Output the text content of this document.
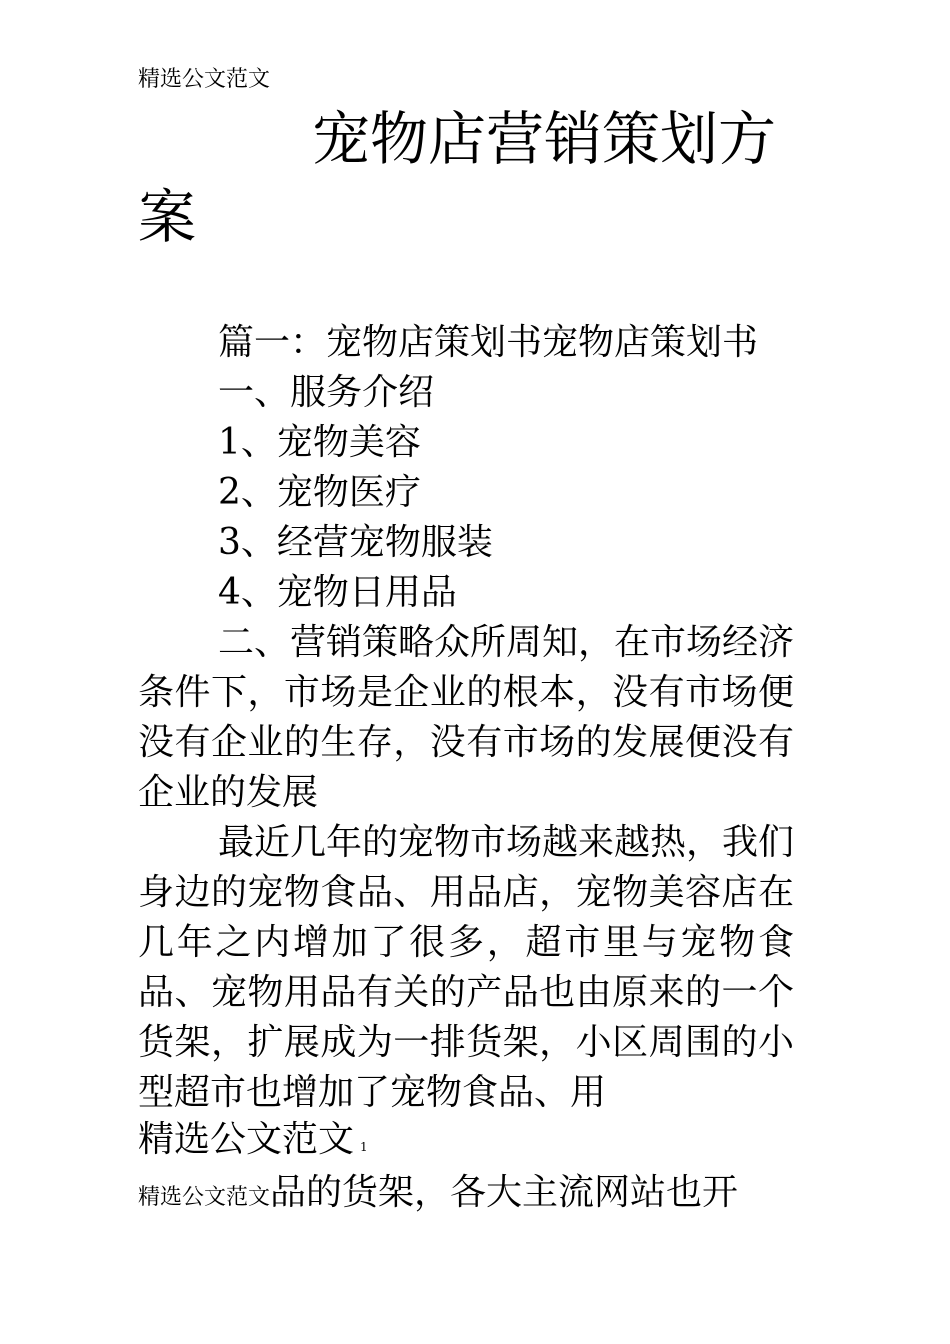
精选公文范文
宠物店营销策划方案

篇一：宠物店策划书宠物店策划书

一、服务介绍

1、宠物美容

2、宠物医疗

3、经营宠物服装

4、宠物日用品

二、营销策略众所周知，在市场经济条件下，市场是企业的根本，没有市场便没有企业的生存，没有市场的发展便没有企业的发展

最近几年的宠物市场越来越热，我们身边的宠物食品、用品店，宠物美容店在几年之内增加了很多，超市里与宠物食品、宠物用品有关的产品也由原来的一个货架，扩展成为一排货架，小区周围的小型超市也增加了宠物食品、用

精选公文范文 1
精选公文范文品的货架，各大主流网站也开
